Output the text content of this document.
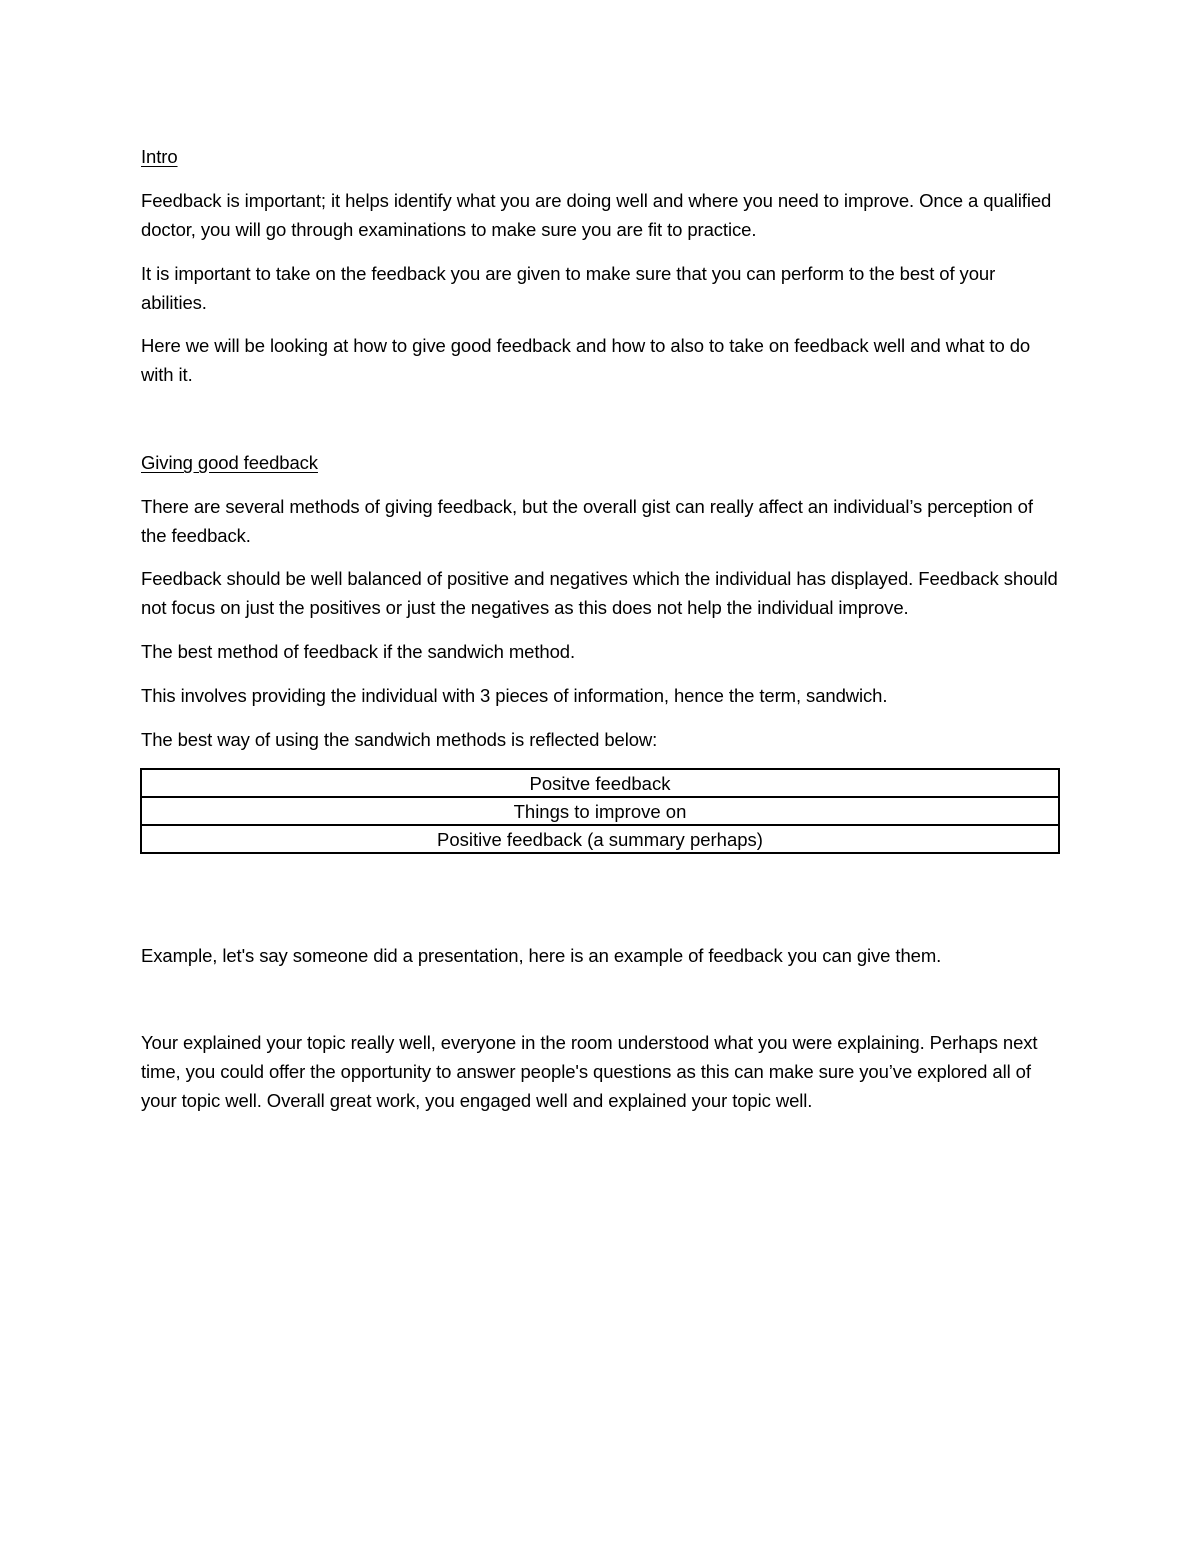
Intro

Feedback is important; it helps identify what you are doing well and where you need to improve. Once a qualified doctor, you will go through examinations to make sure you are fit to practice.

It is important to take on the feedback you are given to make sure that you can perform to the best of your abilities.

Here we will be looking at how to give good feedback and how to also to take on feedback well and what to do with it.

Giving good feedback

There are several methods of giving feedback, but the overall gist can really affect an individual’s perception of the feedback.

Feedback should be well balanced of positive and negatives which the individual has displayed. Feedback should not focus on just the positives or just the negatives as this does not help the individual improve.

The best method of feedback if the sandwich method.

This involves providing the individual with 3 pieces of information, hence the term, sandwich.

The best way of using the sandwich methods is reflected below:

Positve feedback
Things to improve on
Positive feedback (a summary perhaps)

Example, let's say someone did a presentation, here is an example of feedback you can give them.

Your explained your topic really well, everyone in the room understood what you were explaining. Perhaps next time, you could offer the opportunity to answer people's questions as this can make sure you’ve explored all of your topic well. Overall great work, you engaged well and explained your topic well.
